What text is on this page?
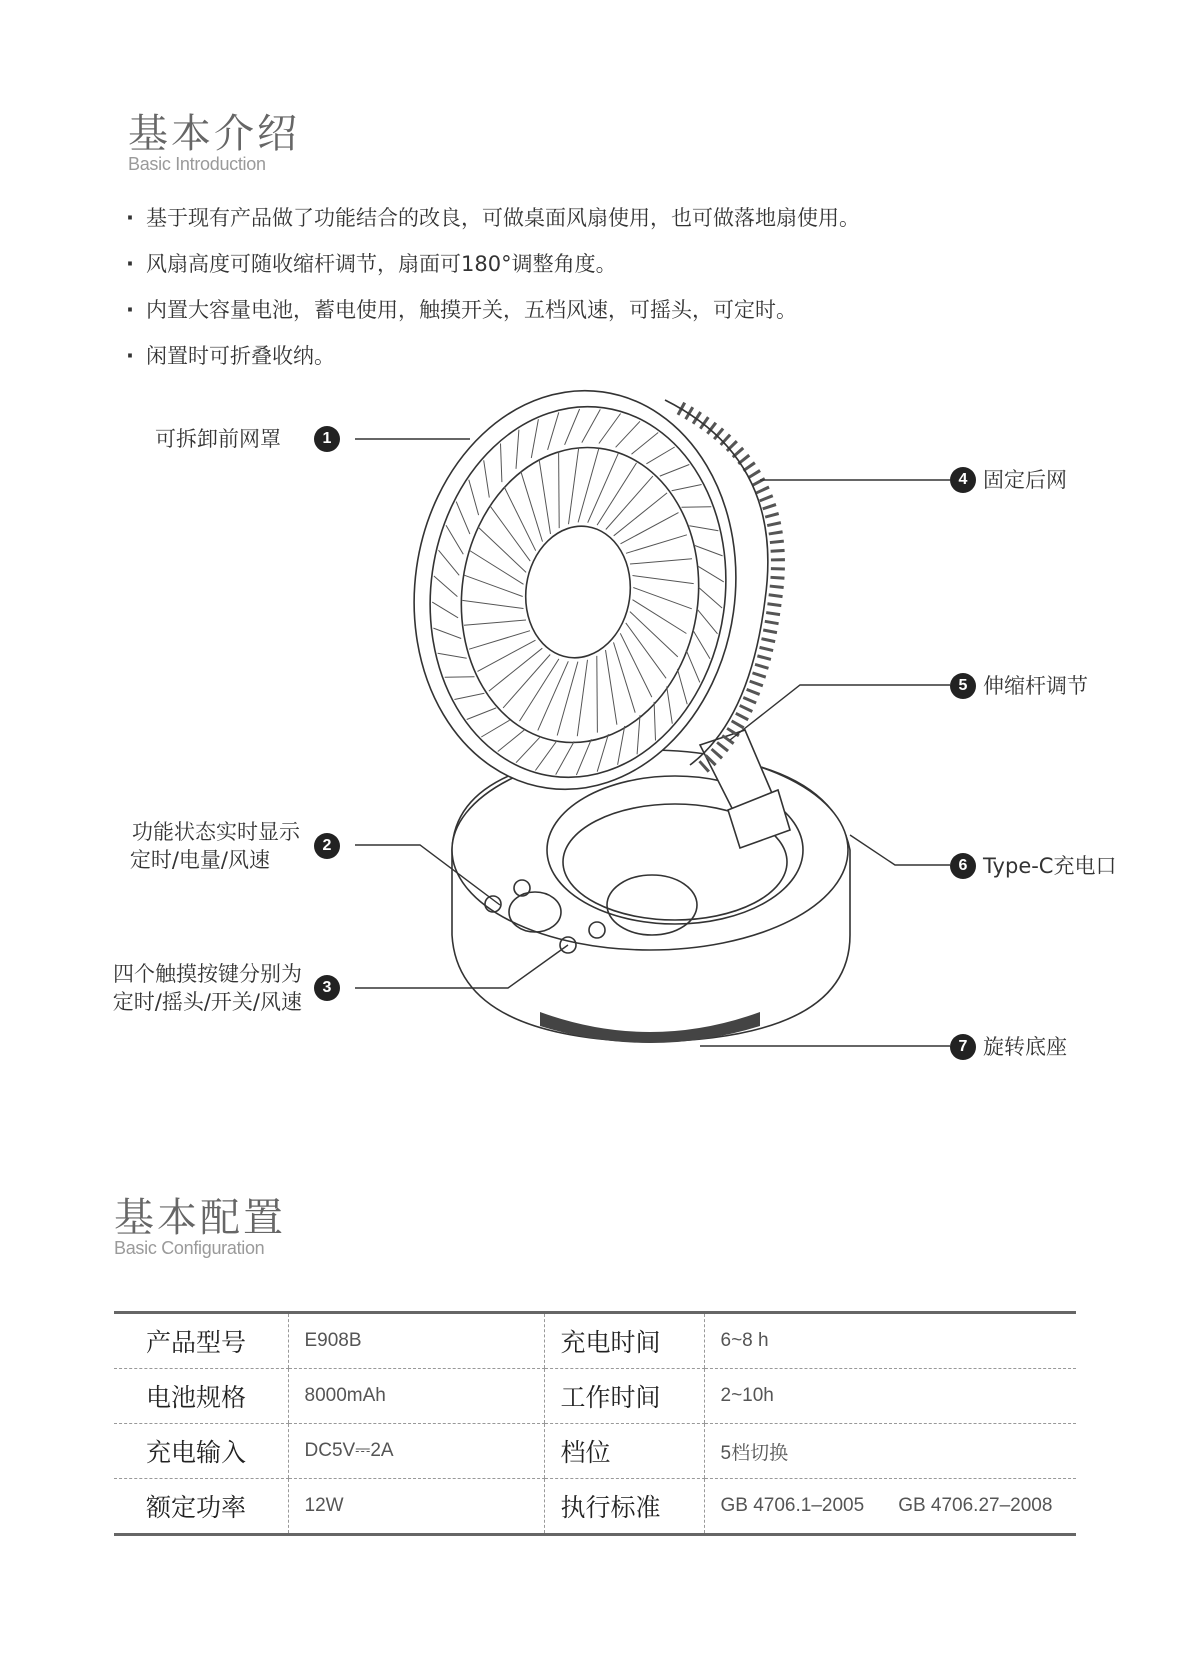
基本介绍
Basic Introduction
· 基于现有产品做了功能结合的改良，可做桌面风扇使用，也可做落地扇使用。
· 风扇高度可随收缩杆调节，扇面可180°调整角度。
· 内置大容量电池，蓄电使用，触摸开关，五档风速，可摇头，可定时。
· 闲置时可折叠收纳。
可拆卸前网罩	1
功能状态实时显示
定时/电量/风速
2
四个触摸按键分别为
定时/摇头/开关/风速
3
4 固定后网
5 伸缩杆调节
6 Type-C充电口
7 旋转底座
基本配置
Basic Configuration
产品型号	E908B	充电时间	6~8 h
电池规格	8000mAh	工作时间	2~10h
充电输入	DC5V⎓2A	档位	5档切换
额定功率	12W	执行标准	GB 4706.1–2005 GB 4706.27–2008
